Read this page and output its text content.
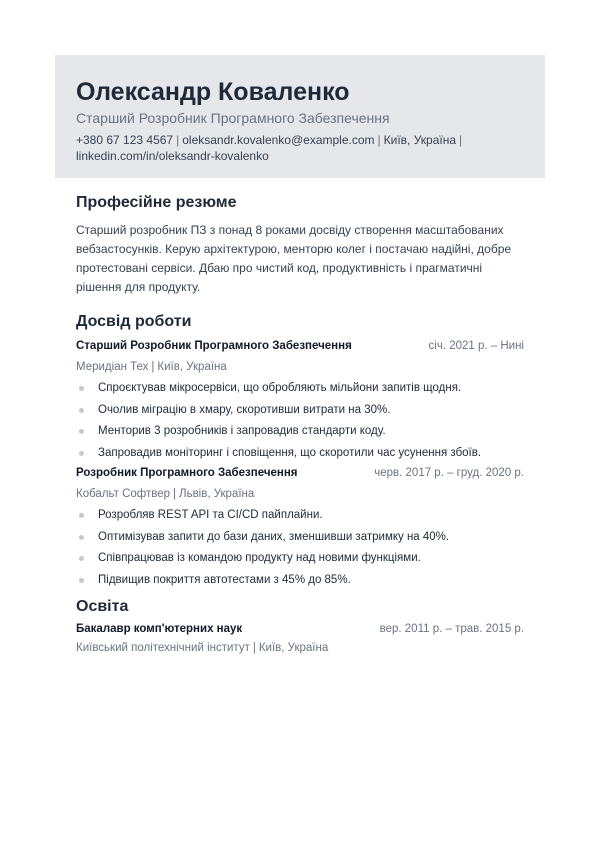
Олександр Коваленко
Старший Розробник Програмного Забезпечення
+380 67 123 4567 | oleksandr.kovalenko@example.com | Київ, Україна |
linkedin.com/in/oleksandr-kovalenko
Професійне резюме
Старший розробник ПЗ з понад 8 роками досвіду створення масштабованих вебзастосунків. Керую архітектурою, менторю колег і постачаю надійні, добре протестовані сервіси. Дбаю про чистий код, продуктивність і прагматичні рішення для продукту.
Досвід роботи
Старший Розробник Програмного Забезпечення	січ. 2021 р. – Нині
Меридіан Тех | Київ, Україна
Спроєктував мікросервіси, що обробляють мільйони запитів щодня.
Очолив міграцію в хмару, скоротивши витрати на 30%.
Менторив 3 розробників і запровадив стандарти коду.
Запровадив моніторинг і сповіщення, що скоротили час усунення збоїв.
Розробник Програмного Забезпечення	черв. 2017 р. – груд. 2020 р.
Кобальт Софтвер | Львів, Україна
Розробляв REST API та CI/CD пайплайни.
Оптимізував запити до бази даних, зменшивши затримку на 40%.
Співпрацював із командою продукту над новими функціями.
Підвищив покриття автотестами з 45% до 85%.
Освіта
Бакалавр комп'ютерних наук	вер. 2011 р. – трав. 2015 р.
Київський політехнічний інститут | Київ, Україна
